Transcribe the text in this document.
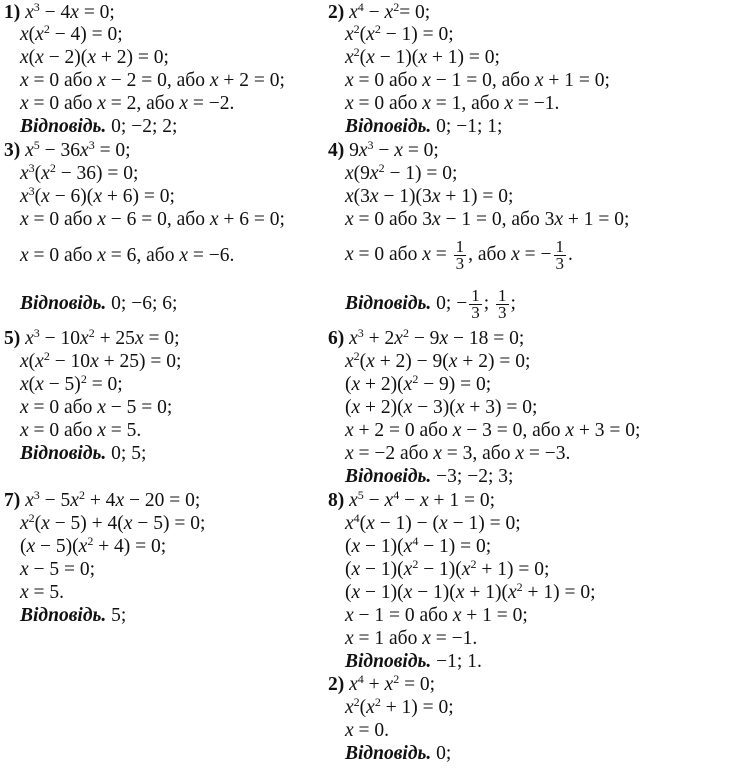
1) $x^3 - 4x = 0$;
$x(x^2 - 4) = 0$;
x(x − 2)(x + 2) = 0;
x = 0 або x − 2 = 0, або x + 2 = 0;
x = 0 або x = 2, або x = −2.
Відповідь. 0; −2; 2;
3) $x^5 - 36x^3 = 0$;
$x^3(x^2 - 36) = 0$;
$x^3(x - 6)(x + 6) = 0$;
x = 0 або x − 6 = 0, або x + 6 = 0;
x = 0 або x = 6, або x = −6.
Відповідь. 0; −6; 6;
5) $x^3 - 10x^2 + 25x = 0$;
$x(x^2 - 10x + 25) = 0$;
$x(x - 5)^2 = 0$;
x = 0 або x − 5 = 0;
x = 0 або x = 5.
Відповідь. 0; 5;
7) $x^3 - 5x^2 + 4x - 20 = 0$;
$x^2(x - 5) + 4(x - 5) = 0$;
$(x - 5)(x^2 + 4) = 0$;
x − 5 = 0;
x = 5.
Відповідь. 5;
2) $x^4 - x^2= 0$;
$x^2(x^2 - 1) = 0$;
$x^2(x - 1)(x + 1) = 0$;
x = 0 або x − 1 = 0, або x + 1 = 0;
x = 0 або x = 1, або x = −1.
Відповідь. 0; −1; 1;
4) $9x^3 - x = 0$;
$x(9x^2 - 1) = 0$;
x(3x − 1)(3x + 1) = 0;
x = 0 або 3x − 1 = 0, або 3x + 1 = 0;
x = 0 або $x = \frac{1}{3}$ , або x = − $\frac{1}{3}$ .
Відповідь. 0; − $\frac{1}{3}$ ; $\frac{1}{3}$ ;
6) $x^3 + 2x^2 - 9x - 18 = 0$;
$x^2(x + 2) - 9(x + 2) = 0$;
$(x + 2)(x^2 - 9) = 0$;
(x + 2)(x − 3)(x + 3) = 0;
x + 2 = 0 або x − 3 = 0, або x + 3 = 0;
x = −2 або x = 3, або x = −3.
Відповідь. −3; −2; 3;
8) $x^5 - x^4 - x + 1 = 0$;
$x^4(x - 1) - (x - 1) = 0$;
$(x - 1)(x^4 - 1) = 0$;
$(x - 1)(x^2 - 1)(x^2 + 1) = 0$;
$(x - 1)(x - 1)(x + 1)(x^2 + 1) = 0$;
x − 1 = 0 або x + 1 = 0;
x = 1 або x = −1.
Відповідь. −1; 1.
2) $x^4 + x^2 = 0$;
$x^2(x^2 + 1) = 0$;
x = 0.
Відповідь. 0;
